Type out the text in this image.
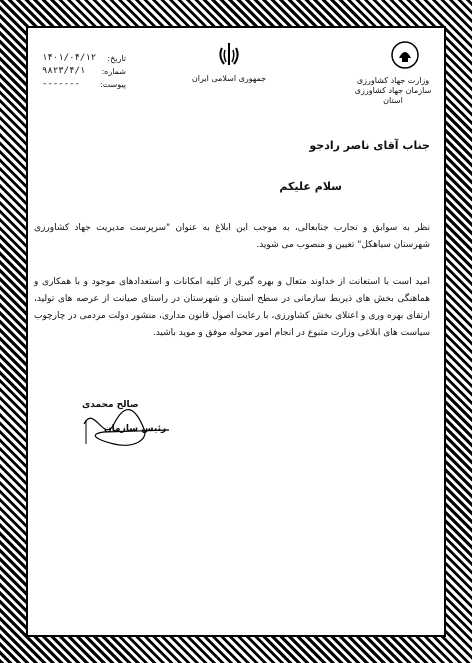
وزارت جهاد کشاورزی
سازمان جهاد کشاورزی استان
جمهوری اسلامی ایران
تاریخ:
۱۴۰۱/۰۴/۱۲
شماره:
۹۸۲۳/۴/۱
پیوست:
-------
جناب آقای ناصر رادجو
سلام علیکم
نظر به سوابق و تجارب جنابعالی، به موجب این ابلاغ به عنوان "سرپرست مدیریت جهاد کشاورزی شهرستان سیاهکل" تعیین و منصوب می شوید.
امید است با استعانت از خداوند متعال و بهره گیری از کلیه امکانات و استعدادهای موجود و با همکاری و هماهنگی بخش های ذیربط سازمانی در سطح استان و شهرستان در راستای صیانت از عرصه های تولید، ارتقای بهره وری و اعتلای بخش کشاورزی، با رعایت اصول قانون مداری، منشور دولت مردمی در چارچوب سیاست های ابلاغی وزارت متبوع در انجام امور محوله موفق و موید باشید.
صالح محمدی
رئیس سازمان
